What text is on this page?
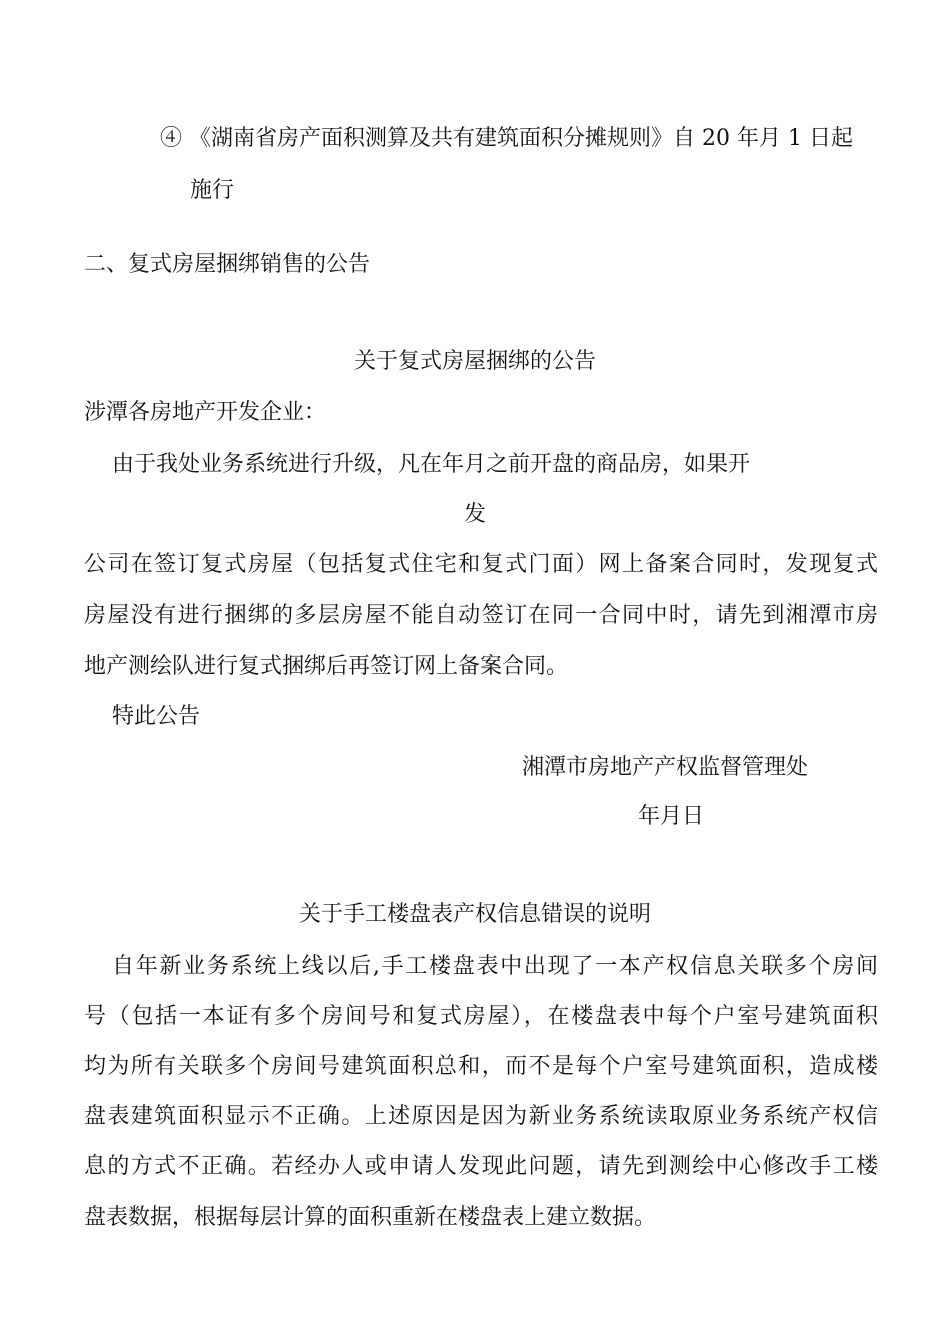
④ 《湖南省房产面积测算及共有建筑面积分摊规则》自 20 年月 1 日起

施行

二、复式房屋捆绑销售的公告

关于复式房屋捆绑的公告

涉潭各房地产开发企业：

由于我处业务系统进行升级，凡在年月之前开盘的商品房，如果开

发

公司在签订复式房屋（包括复式住宅和复式门面）网上备案合同时，发现复式

房屋没有进行捆绑的多层房屋不能自动签订在同一合同中时，请先到湘潭市房

地产测绘队进行复式捆绑后再签订网上备案合同。

特此公告

湘潭市房地产产权监督管理处

年月日

关于手工楼盘表产权信息错误的说明

自年新业务系统上线以后,手工楼盘表中出现了一本产权信息关联多个房间

号（包括一本证有多个房间号和复式房屋），在楼盘表中每个户室号建筑面积

均为所有关联多个房间号建筑面积总和，而不是每个户室号建筑面积，造成楼

盘表建筑面积显示不正确。上述原因是因为新业务系统读取原业务系统产权信

息的方式不正确。若经办人或申请人发现此问题，请先到测绘中心修改手工楼

盘表数据，根据每层计算的面积重新在楼盘表上建立数据。
